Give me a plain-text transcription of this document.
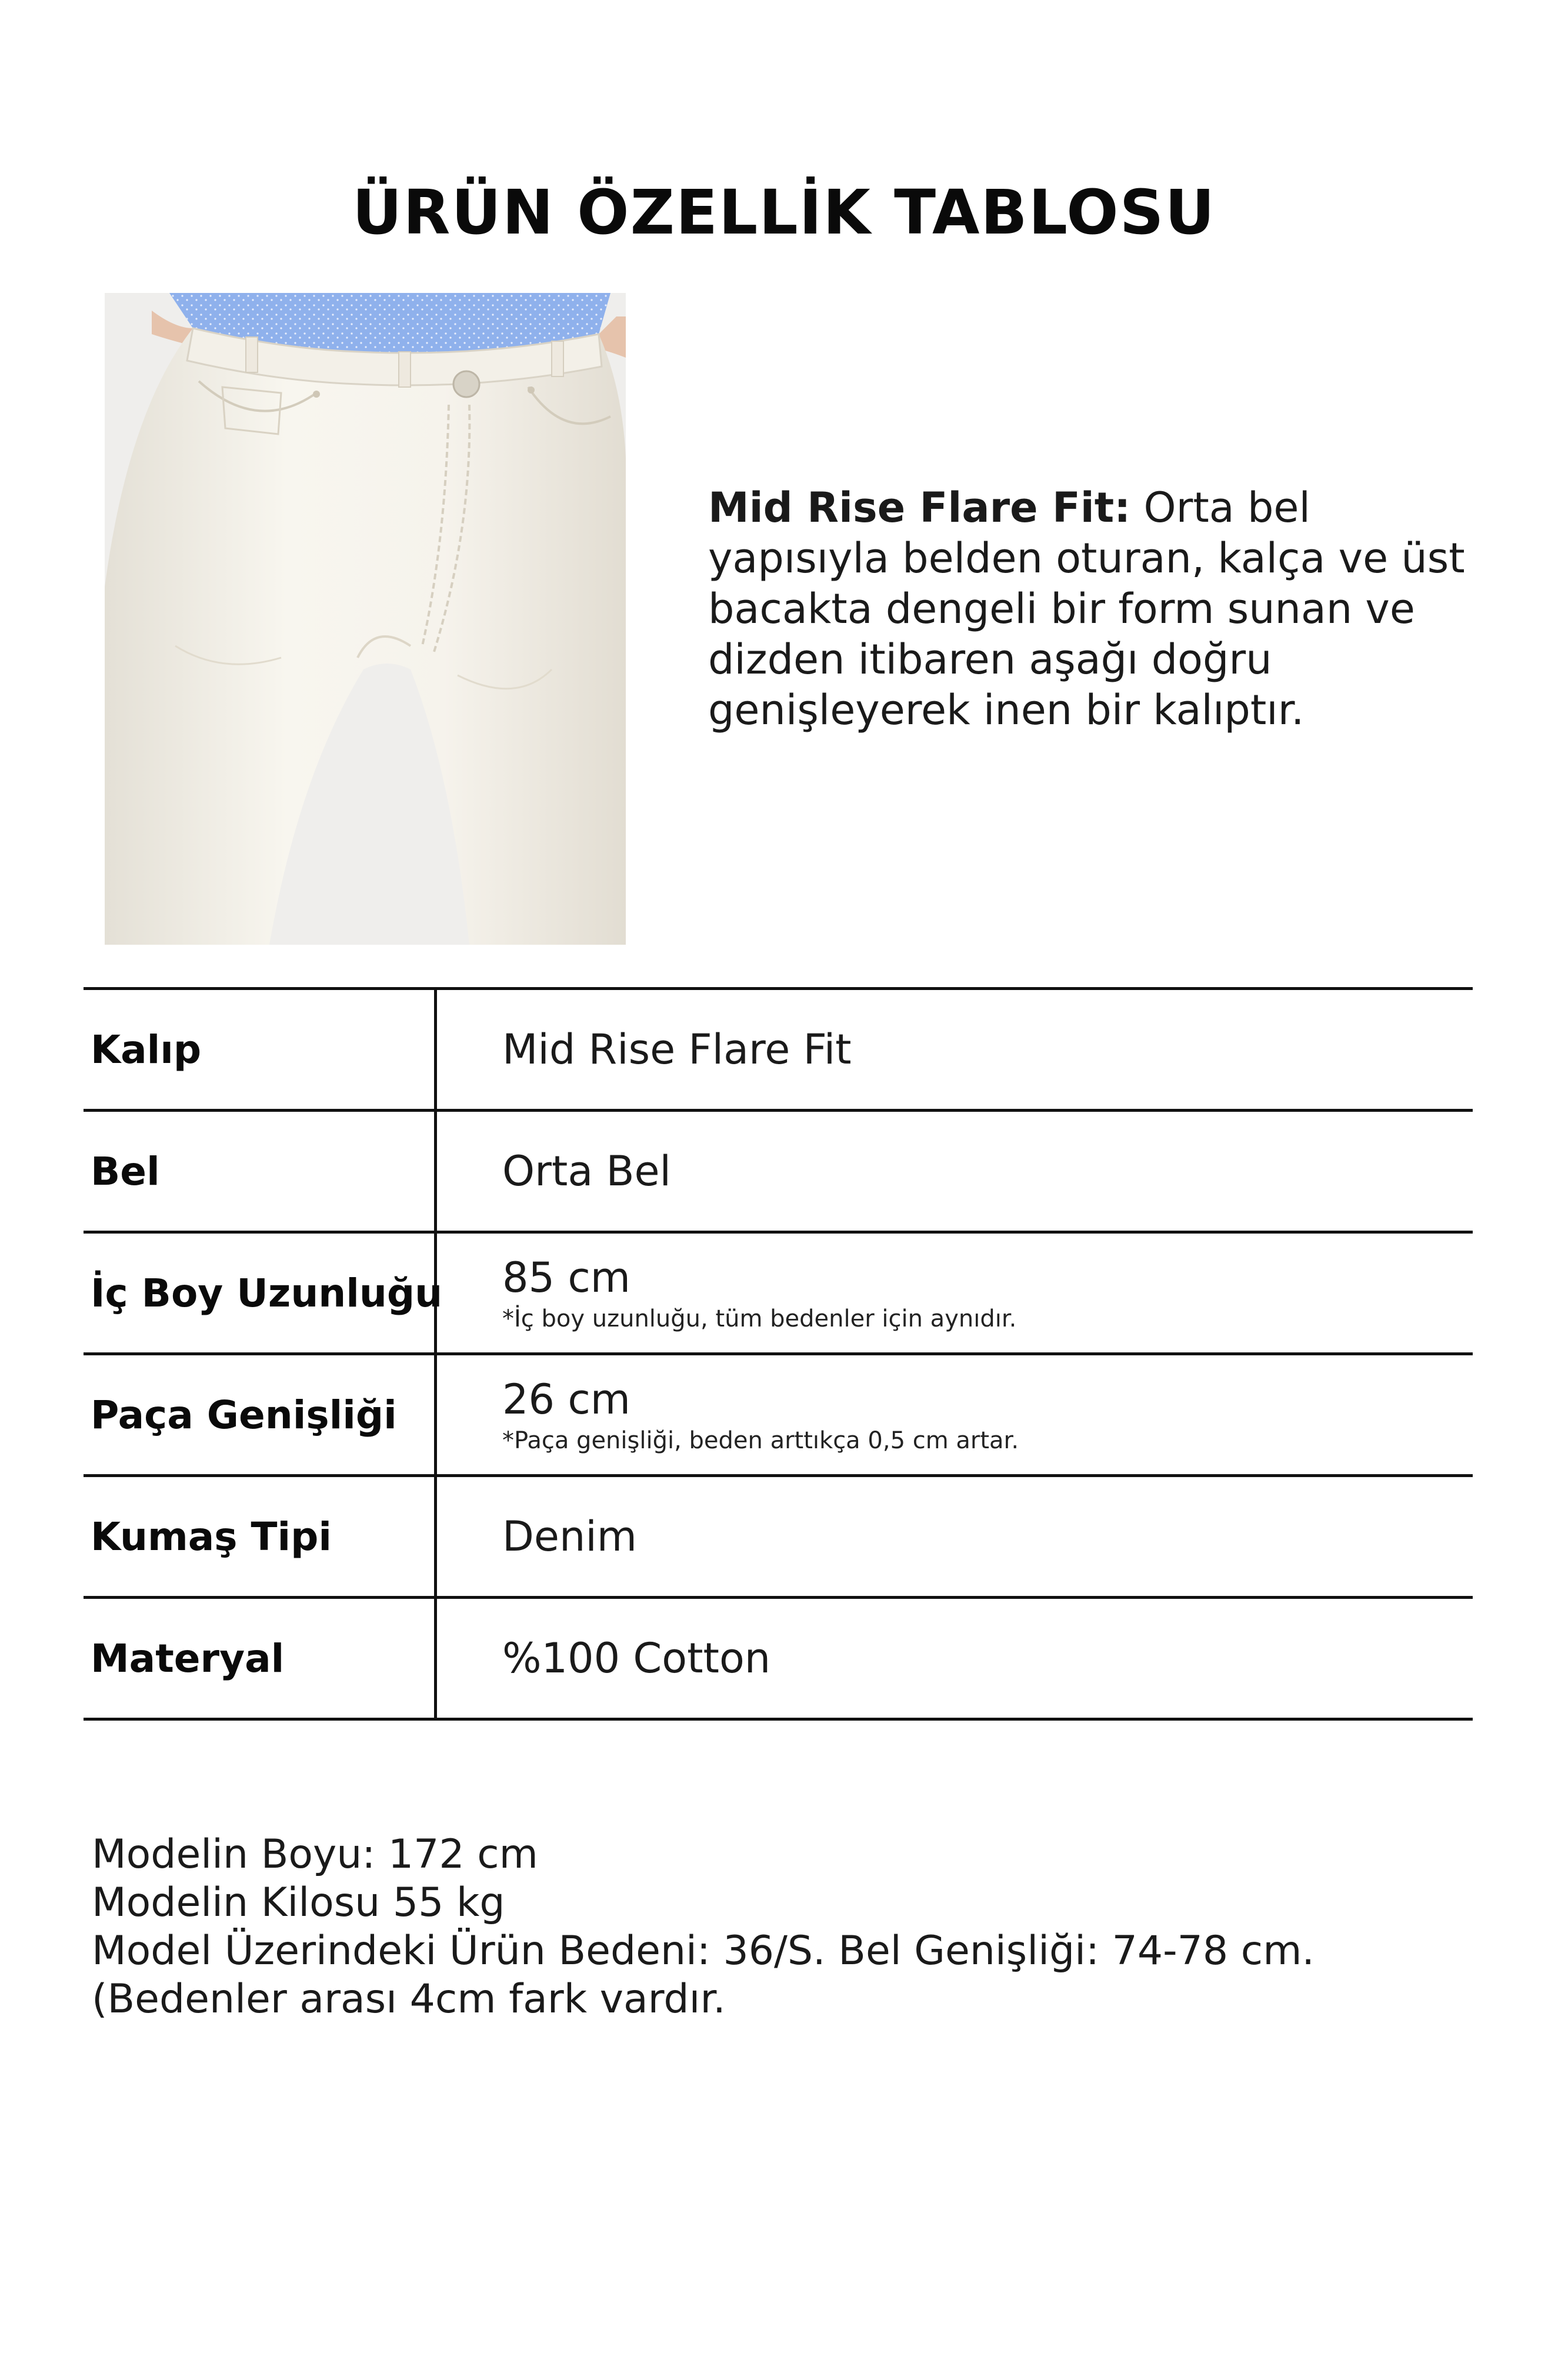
ÜRÜN ÖZELLİK TABLOSU
Mid Rise Flare Fit: Orta bel yapısıyla belden oturan, kalça ve üst bacakta dengeli bir form sunan ve dizden itibaren aşağı doğru genişleyerek inen bir kalıptır.
Kalıp	Mid Rise Flare Fit
Bel	Orta Bel
İç Boy Uzunluğu 85 cm
*İç boy uzunluğu, tüm bedenler için aynıdır.
Paça Genişliği	26 cm
*Paça genişliği, beden arttıkça 0,5 cm artar.
Kumaş Tipi	Denim
Materyal	%100 Cotton
Modelin Boyu: 172 cm
Modelin Kilosu 55 kg
Model Üzerindeki Ürün Bedeni: 36/S. Bel Genişliği: 74-78 cm. (Bedenler arası 4cm fark vardır.
